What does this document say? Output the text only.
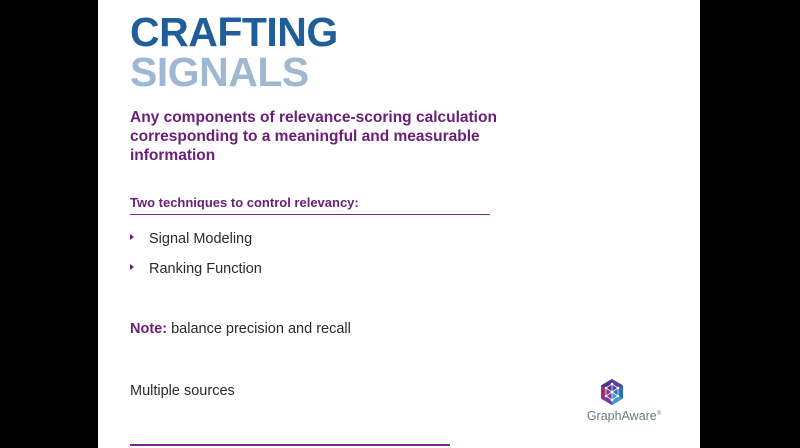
CRAFTING
SIGNALS
Any components of relevance-scoring calculation corresponding to a meaningful and measurable information
Two techniques to control relevancy:
Signal Modeling
Ranking Function
Note: balance precision and recall
Multiple sources
GraphAware®
